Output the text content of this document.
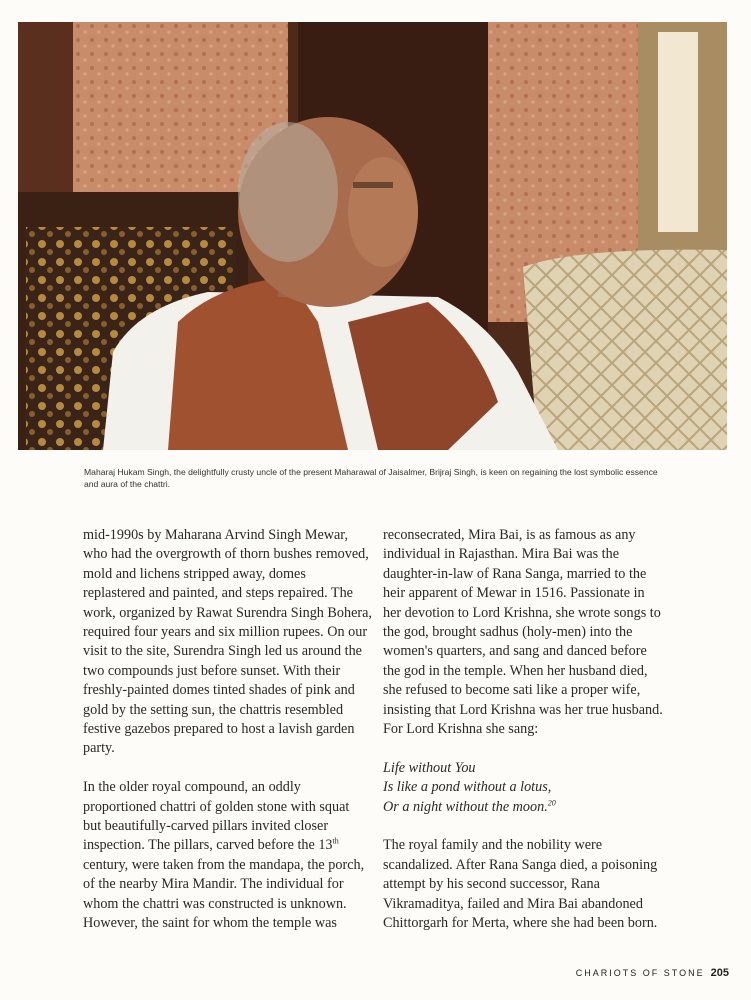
Maharaj Hukam Singh, the delightfully crusty uncle of the present Maharawal of Jaisalmer, Brijraj Singh, is keen on regaining the lost symbolic essence and aura of the chattri.

mid-1990s by Maharana Arvind Singh Mewar,
who had the overgrowth of thorn bushes removed,
mold and lichens stripped away, domes
replastered and painted, and steps repaired. The
work, organized by Rawat Surendra Singh Bohera,
required four years and six million rupees. On our
visit to the site, Surendra Singh led us around the
two compounds just before sunset. With their
freshly-painted domes tinted shades of pink and
gold by the setting sun, the chattris resembled
festive gazebos prepared to host a lavish garden
party.

In the older royal compound, an oddly
proportioned chattri of golden stone with squat
but beautifully-carved pillars invited closer
inspection. The pillars, carved before the 13th
century, were taken from the mandapa, the porch,
of the nearby Mira Mandir. The individual for
whom the chattri was constructed is unknown.
However, the saint for whom the temple was

reconsecrated, Mira Bai, is as famous as any
individual in Rajasthan. Mira Bai was the
daughter-in-law of Rana Sanga, married to the
heir apparent of Mewar in 1516. Passionate in
her devotion to Lord Krishna, she wrote songs to
the god, brought sadhus (holy-men) into the
women's quarters, and sang and danced before
the god in the temple. When her husband died,
she refused to become sati like a proper wife,
insisting that Lord Krishna was her true husband.
For Lord Krishna she sang:

Life without You
Is like a pond without a lotus,
Or a night without the moon.$^{20}$

The royal family and the nobility were
scandalized. After Rana Sanga died, a poisoning
attempt by his second successor, Rana
Vikramaditya, failed and Mira Bai abandoned
Chittorgarh for Merta, where she had been born.

CHARIOTS OF STONE 205
